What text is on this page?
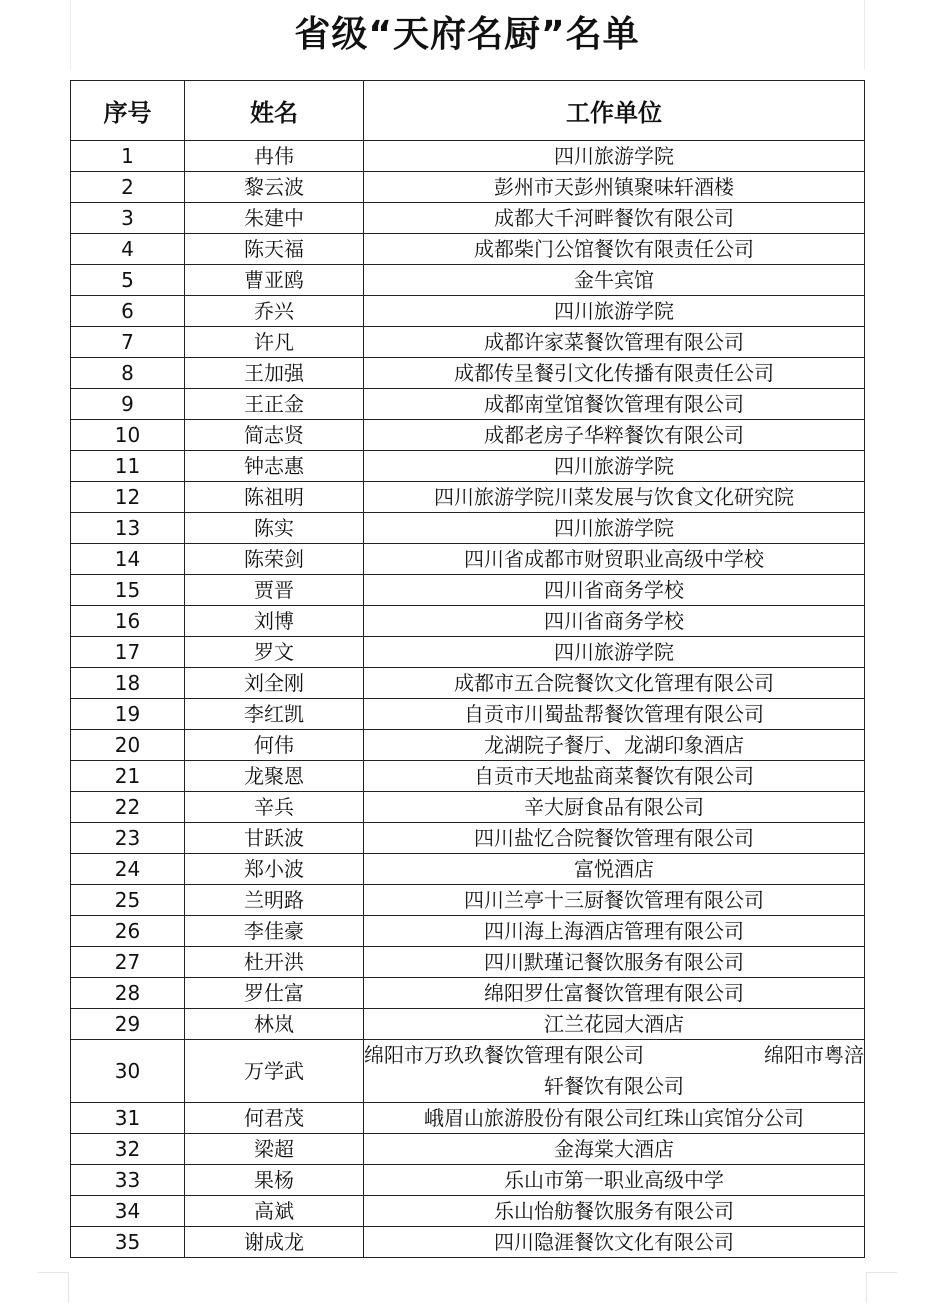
省级“天府名厨”名单
序号	姓名	工作单位
1	冉伟	四川旅游学院
2	黎云波	彭州市天彭州镇聚味轩酒楼
3	朱建中	成都大千河畔餐饮有限公司
4	陈天福	成都柴门公馆餐饮有限责任公司
5	曹亚鸥	金牛宾馆
6	乔兴	四川旅游学院
7	许凡	成都许家菜餐饮管理有限公司
8	王加强	成都传呈餐引文化传播有限责任公司
9	王正金	成都南堂馆餐饮管理有限公司
10	简志贤	成都老房子华粹餐饮有限公司
11	钟志惠	四川旅游学院
12	陈祖明	四川旅游学院川菜发展与饮食文化研究院
13	陈实	四川旅游学院
14	陈荣剑	四川省成都市财贸职业高级中学校
15	贾晋	四川省商务学校
16	刘博	四川省商务学校
17	罗文	四川旅游学院
18	刘全刚	成都市五合院餐饮文化管理有限公司
19	李红凯	自贡市川蜀盐帮餐饮管理有限公司
20	何伟	龙湖院子餐厅、龙湖印象酒店
21	龙聚恩	自贡市天地盐商菜餐饮有限公司
22	辛兵	辛大厨食品有限公司
23	甘跃波	四川盐忆合院餐饮管理有限公司
24	郑小波	富悦酒店
25	兰明路	四川兰亭十三厨餐饮管理有限公司
26	李佳豪	四川海上海酒店管理有限公司
27	杜开洪	四川默瑾记餐饮服务有限公司
28	罗仕富	绵阳罗仕富餐饮管理有限公司
29	林岚	江兰花园大酒店
30	万学武	绵阳市万玖玖餐饮管理有限公司　　　　　　绵阳市粤涪轩餐饮有限公司
31	何君茂	峨眉山旅游股份有限公司红珠山宾馆分公司
32	梁超	金海棠大酒店
33	果杨	乐山市第一职业高级中学
34	高斌	乐山怡舫餐饮服务有限公司
35	谢成龙	四川隐涯餐饮文化有限公司
